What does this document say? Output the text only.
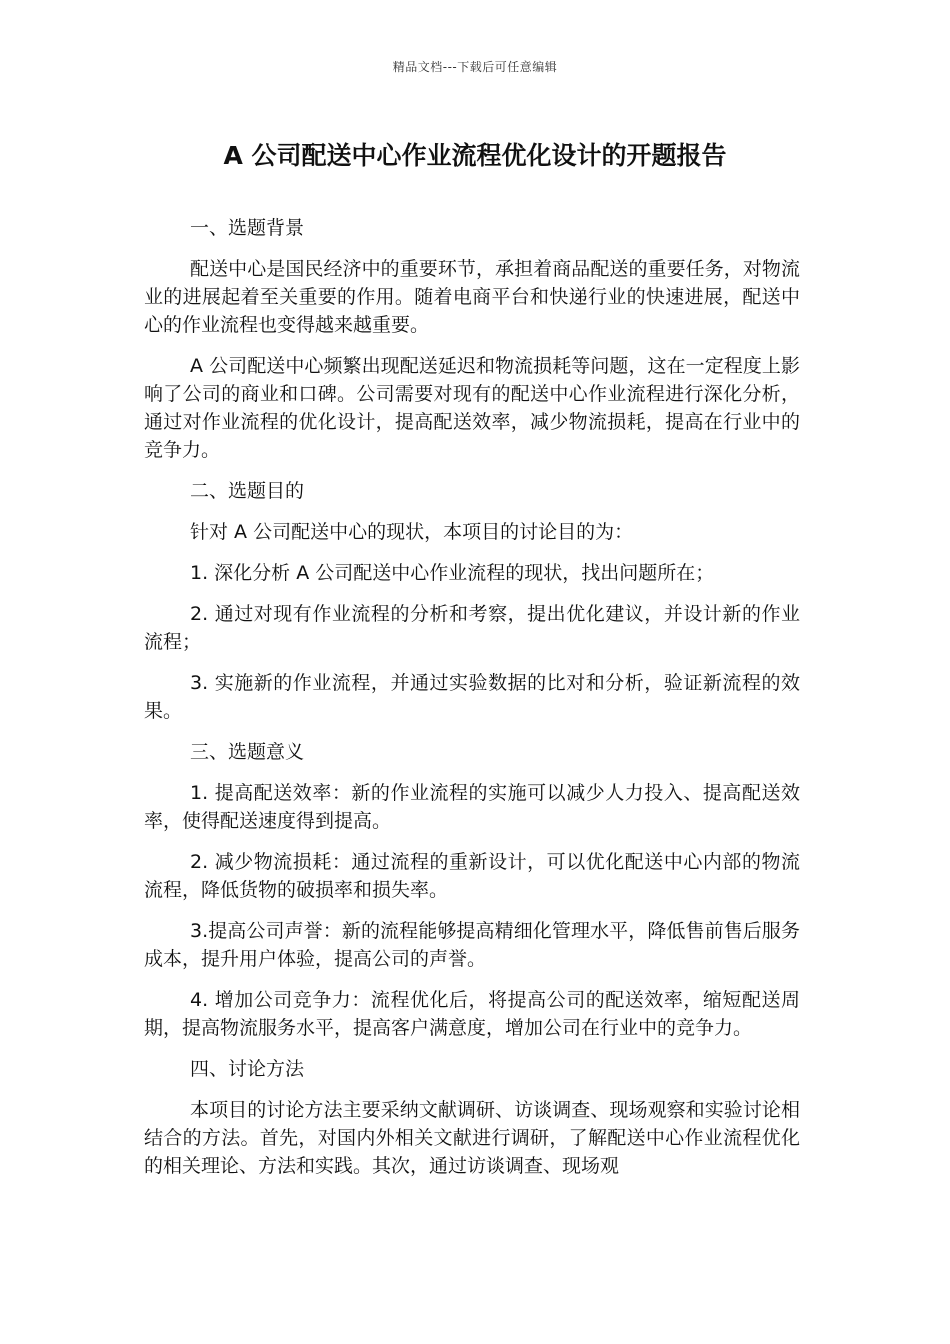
精品文档---下载后可任意编辑
A 公司配送中心作业流程优化设计的开题报告

一、选题背景

配送中心是国民经济中的重要环节，承担着商品配送的重要任务，对物流业的进展起着至关重要的作用。随着电商平台和快递行业的快速进展，配送中心的作业流程也变得越来越重要。

A 公司配送中心频繁出现配送延迟和物流损耗等问题，这在一定程度上影响了公司的商业和口碑。公司需要对现有的配送中心作业流程进行深化分析，通过对作业流程的优化设计，提高配送效率，减少物流损耗，提高在行业中的竞争力。

二、选题目的

针对 A 公司配送中心的现状，本项目的讨论目的为：

1. 深化分析 A 公司配送中心作业流程的现状，找出问题所在；

2. 通过对现有作业流程的分析和考察，提出优化建议，并设计新的作业流程；

3. 实施新的作业流程，并通过实验数据的比对和分析，验证新流程的效果。

三、选题意义

1. 提高配送效率：新的作业流程的实施可以减少人力投入、提高配送效率，使得配送速度得到提高。

2. 减少物流损耗：通过流程的重新设计，可以优化配送中心内部的物流流程，降低货物的破损率和损失率。

3.提高公司声誉：新的流程能够提高精细化管理水平，降低售前售后服务成本，提升用户体验，提高公司的声誉。

4. 增加公司竞争力：流程优化后，将提高公司的配送效率，缩短配送周期，提高物流服务水平，提高客户满意度，增加公司在行业中的竞争力。

四、讨论方法

本项目的讨论方法主要采纳文献调研、访谈调查、现场观察和实验讨论相结合的方法。首先，对国内外相关文献进行调研，了解配送中心作业流程优化的相关理论、方法和实践。其次，通过访谈调查、现场观
